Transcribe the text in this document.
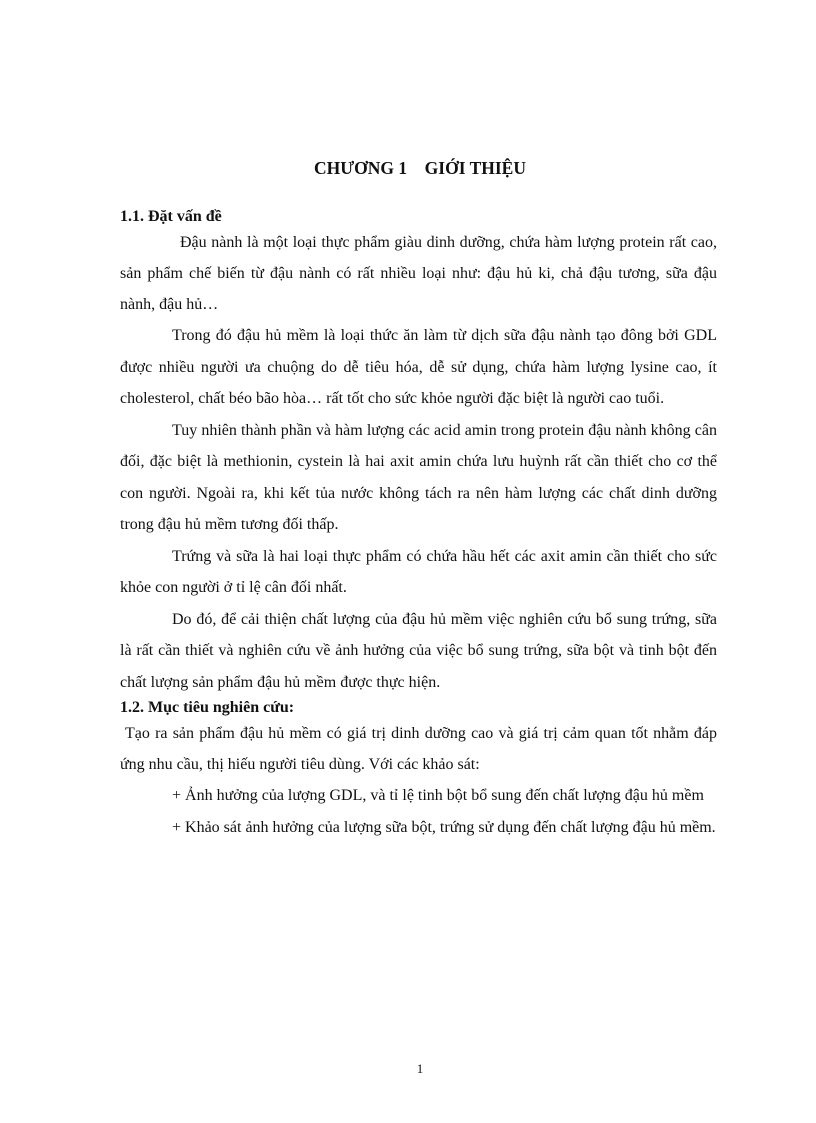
CHƯƠNG 1    GIỚI THIỆU

1.1. Đặt vấn đề

Đậu nành là một loại thực phẩm giàu dinh dưỡng, chứa hàm lượng protein rất cao, sản phẩm chế biến từ đậu nành có rất nhiều loại như: đậu hủ ki, chả đậu tương, sữa đậu nành, đậu hủ…

Trong đó đậu hủ mềm là loại thức ăn làm từ dịch sữa đậu nành tạo đông bởi GDL được nhiều người ưa chuộng do dễ tiêu hóa, dễ sử dụng, chứa hàm lượng lysine cao, ít cholesterol, chất béo bão hòa… rất tốt cho sức khỏe người đặc biệt là người cao tuổi.

Tuy nhiên thành phần và hàm lượng các acid amin trong protein đậu nành không cân đối, đặc biệt là methionin, cystein là hai axit amin chứa lưu huỳnh rất cần thiết cho cơ thể con người. Ngoài ra, khi kết tủa nước không tách ra nên hàm lượng các chất dinh dưỡng trong đậu hủ mềm tương đối thấp.

Trứng và sữa là hai loại thực phẩm có chứa hầu hết các axit amin cần thiết cho sức khỏe con người ở tỉ lệ cân đối nhất.

Do đó, để cải thiện chất lượng của đậu hủ mềm việc nghiên cứu bổ sung trứng, sữa là rất cần thiết và nghiên cứu về ảnh hưởng của việc bổ sung trứng, sữa bột và tinh bột đến chất lượng sản phẩm đậu hủ mềm được thực hiện.

1.2. Mục tiêu nghiên cứu:

Tạo ra sản phẩm đậu hủ mềm có giá trị dinh dưỡng cao và giá trị cảm quan tốt nhằm đáp ứng nhu cầu, thị hiếu người tiêu dùng. Với các khảo sát:

+ Ảnh hưởng của lượng GDL, và tỉ lệ tinh bột bổ sung đến chất lượng đậu hủ mềm

+ Khảo sát ảnh hưởng của lượng sữa bột, trứng sử dụng đến chất lượng đậu hủ mềm.

1
